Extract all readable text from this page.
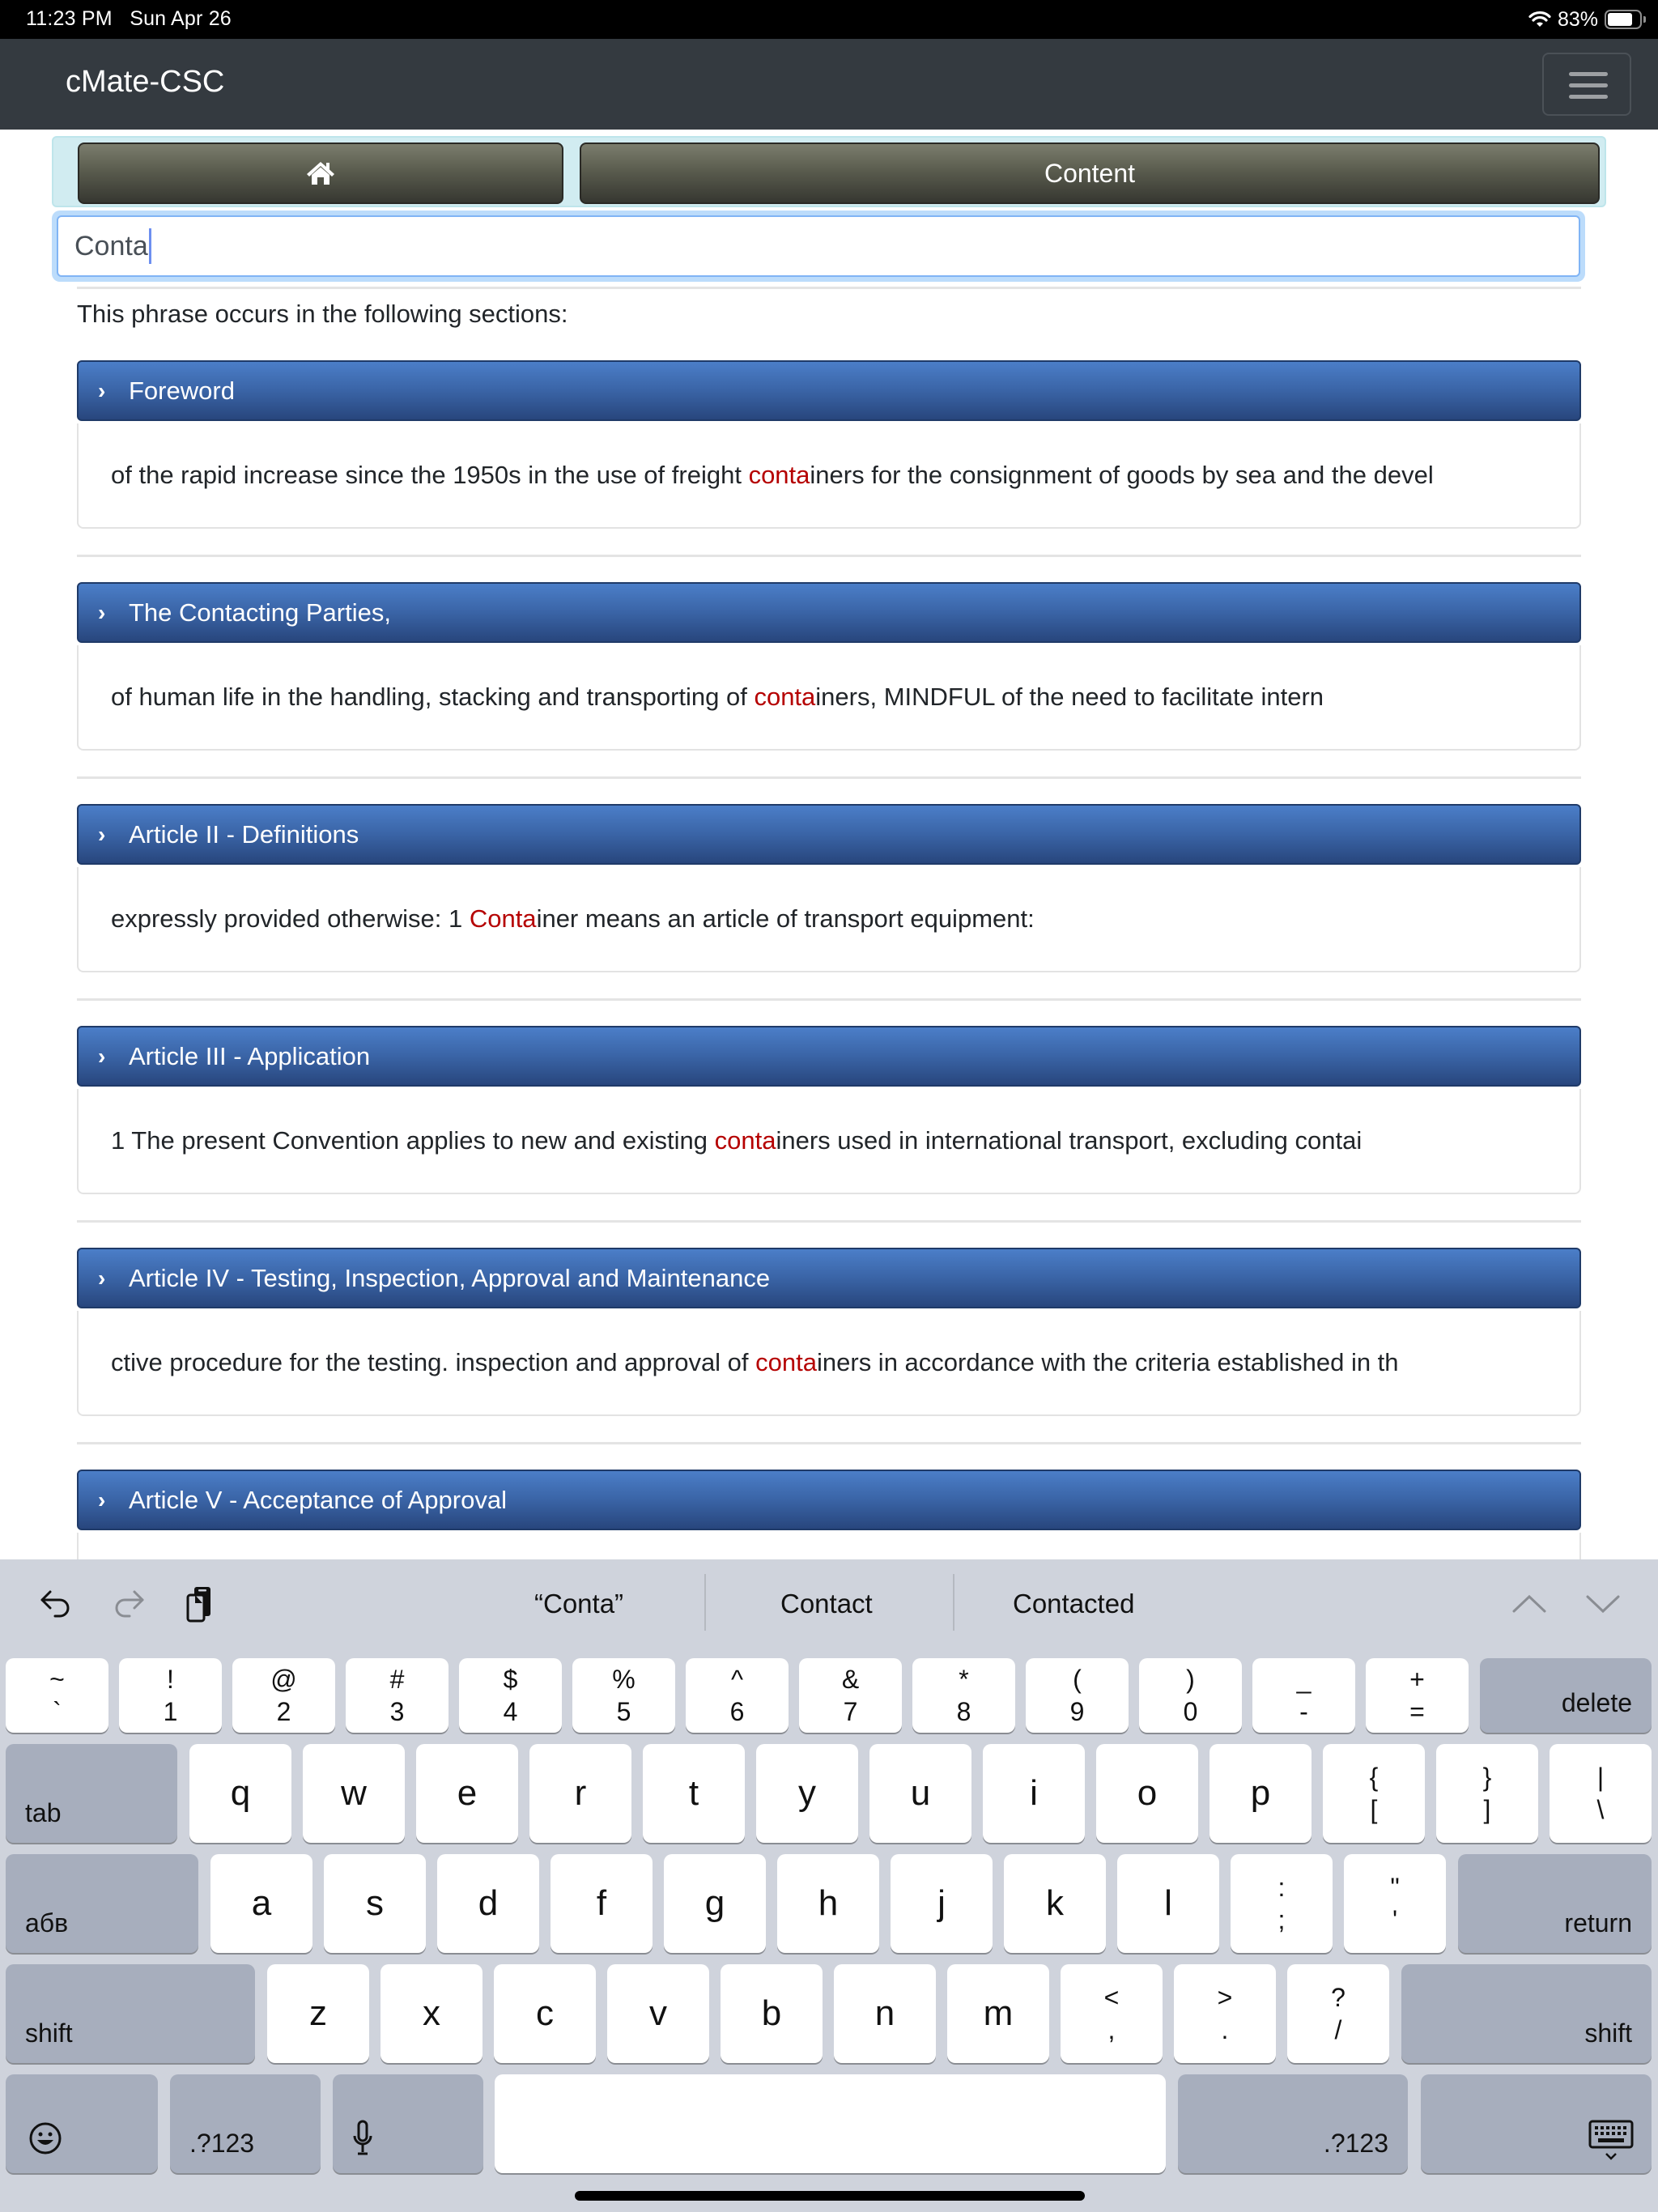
11:23 PM Sun Apr 26	83%
cMate-CSC
Content
Conta
This phrase occurs in the following sections:
› Foreword
of the rapid increase since the 1950s in the use of freight conta iners for the consignment of goods by sea and the devel
› The Contacting Parties,
of human life in the handling, stacking and transporting of conta iners, MINDFUL of the need to facilitate intern
› Article II - Definitions
expressly provided otherwise: 1 Conta iner means an article of transport equipment:
› Article III - Application
1 The present Convention applies to new and existing conta iners used in international transport, excluding contai
› Article IV - Testing, Inspection, Approval and Maintenance
ctive procedure for the testing. inspection and approval of conta iners in accordance with the criteria established in th
› Article V - Acceptance of Approval
“Conta”	Contact	Contacted
~
`
!
1
@
2
#
3
$
4
%
5
^
6
&
7
*
8
(
9
)
0
_
-
+
=	delete
tab	q	w	e	r	t	y	u	i	o	p	{
[
}
]
|
\
абв	a	s	d	f	g	h	j	k	l	:
;
"
'	return
shift	z	x	c	v	b	n m	<
,
>
.
?
/	shift
.?123	.?123
